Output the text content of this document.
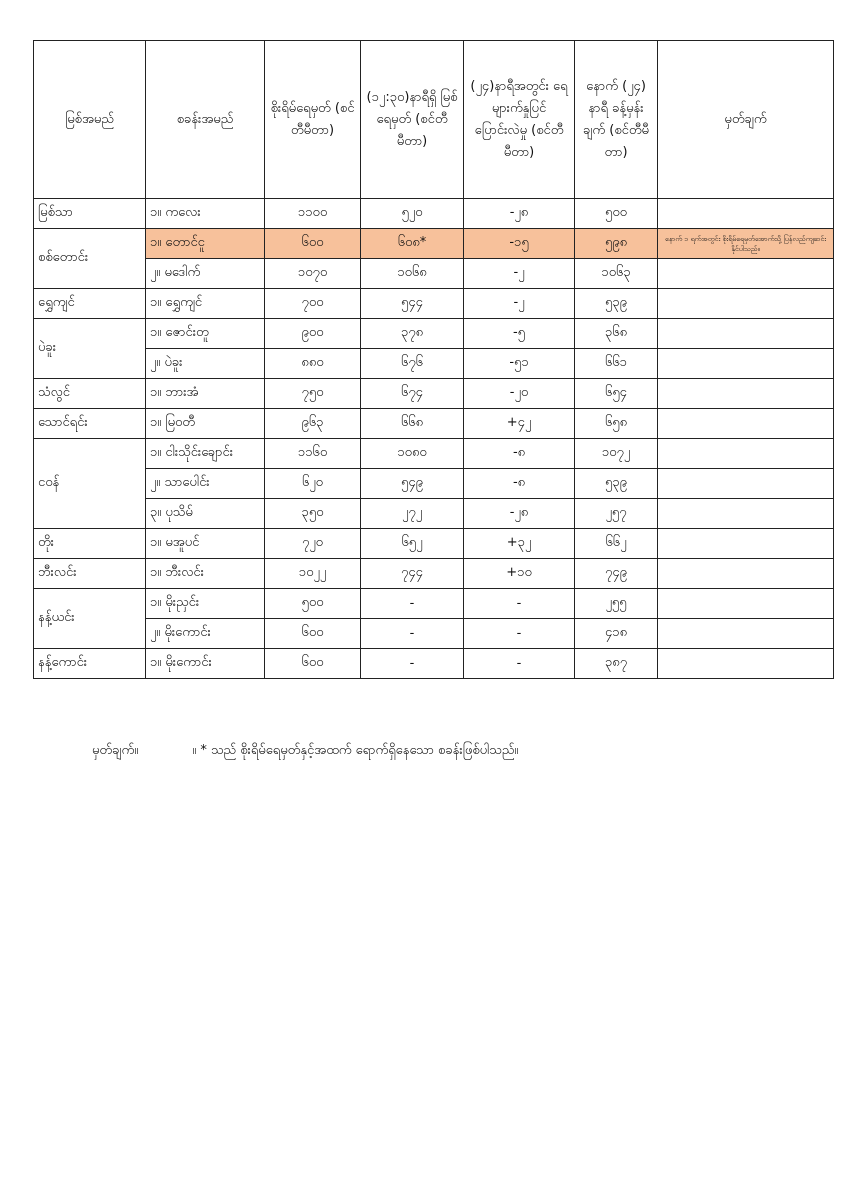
မြစ်အမည်	စခန်းအမည်	စိုးရိမ်ရေမှတ် (စင်တီမီတာ)	(၁၂:၃၀)နာရီရှိ မြစ်ရေမှတ် (စင်တီမီတာ)	(၂၄)နာရီအတွင်း ရေများက်နှုပြင် ပြောင်းလဲမှု (စင်တီမီတာ)	နောက် (၂၄) နာရီ ခန့်မှန်းချက် (စင်တီမီ တာ)	မှတ်ချက်
မြစ်သာ	၁။ ကလေး	၁၁၀၀	၅၂၀	-၂၈	၅၀၀	
စစ်တောင်း	၁။ တောင်ငူ	၆၀၀	၆၀၈*	-၁၅	၅၉၈	နောက် ၁ ရက်အတွင်း စိုးရိမ်ရေမှတ်အောက်သို့ ပြန်လည်ကျဆင်းနိုင်ပါသည်။
	၂။ မဒေါက်	၁၀၇၀	၁၀၆၈	-၂	၁၀၆၃	
ရွှေကျင်	၁။ ရွှေကျင်	၇၀၀	၅၄၄	-၂	၅၃၉	
ပဲခူး	၁။ ဇောင်းတူ	၉၀၀	၃၇၈	-၅	၃၆၈	
	၂။ ပဲခူး	၈၈၀	၆၇၆	-၅၁	၆၆၁	
သံလွင်	၁။ ဘားအံ	၇၅၀	၆၇၄	-၂၀	၆၅၄	
သောင်ရင်း	၁။ မြဝတီ	၉၆၃	၆၆၈	+၄၂	၆၅၈	
ငဝန်	၁။ ငါးသိုင်းချောင်း	၁၁၆၀	၁၀၈၀	-၈	၁၀၇၂	
	၂။ သာပေါင်း	၆၂၀	၅၄၉	-၈	၅၃၉	
	၃။ ပုသိမ်	၃၅၀	၂၇၂	-၂၈	၂၅၇	
တိုး	၁။ မအူပင်	၇၂၀	၆၅၂	+၃၂	၆၆၂	
ဘီးလင်း	၁။ ဘီးလင်း	၁၀၂၂	၇၄၄	+၁၀	၇၄၉	
နန့်ယင်း	၁။ မိုးညှင်း	၅၀၀	-	-	၂၅၅	
	၂။ မိုးကောင်း	၆၀၀	-	-	၄၁၈	
နန့်ကောင်း	၁။ မိုးကောင်း	၆၀၀	-	-	၃၈၇	
မှတ်ချက်။	။ * သည် စိုးရိမ်ရေမှတ်နှင့်အထက် ရောက်ရှိနေသော စခန်းဖြစ်ပါသည်။
